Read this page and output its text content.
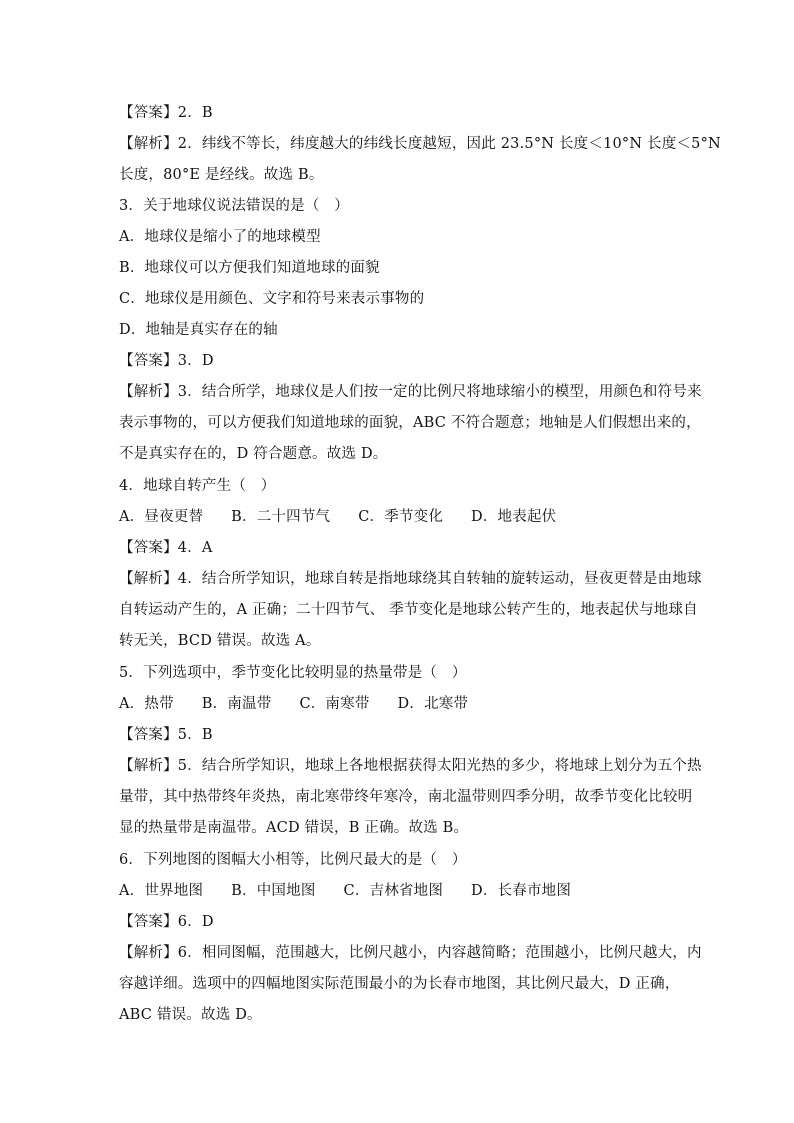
【答案】2．B
【解析】2．纬线不等长，纬度越大的纬线长度越短，因此 23.5°N 长度＜10°N 长度＜5°N
长度，80°E 是经线。故选 B。
3．关于地球仪说法错误的是（　）
A．地球仪是缩小了的地球模型
B．地球仪可以方便我们知道地球的面貌
C．地球仪是用颜色、文字和符号来表示事物的
D．地轴是真实存在的轴
【答案】3．D
【解析】3．结合所学，地球仪是人们按一定的比例尺将地球缩小的模型，用颜色和符号来
表示事物的，可以方便我们知道地球的面貌，ABC 不符合题意；地轴是人们假想出来的，
不是真实存在的，D 符合题意。故选 D。
4．地球自转产生（　）
A．昼夜更替 B．二十四节气 C．季节变化 D．地表起伏
【答案】4．A
【解析】4．结合所学知识，地球自转是指地球绕其自转轴的旋转运动，昼夜更替是由地球
自转运动产生的，A 正确；二十四节气、 季节变化是地球公转产生的，地表起伏与地球自
转无关，BCD 错误。故选 A。
5．下列选项中，季节变化比较明显的热量带是（　）
A．热带 B．南温带 C．南寒带 D．北寒带
【答案】5．B
【解析】5．结合所学知识，地球上各地根据获得太阳光热的多少，将地球上划分为五个热
量带，其中热带终年炎热，南北寒带终年寒冷，南北温带则四季分明，故季节变化比较明
显的热量带是南温带。ACD 错误，B 正确。故选 B。
6．下列地图的图幅大小相等，比例尺最大的是（　）
A．世界地图 B．中国地图 C．吉林省地图 D．长春市地图
【答案】6．D
【解析】6．相同图幅，范围越大，比例尺越小，内容越简略；范围越小，比例尺越大，内
容越详细。选项中的四幅地图实际范围最小的为长春市地图，其比例尺最大，D 正确，
ABC 错误。故选 D。
